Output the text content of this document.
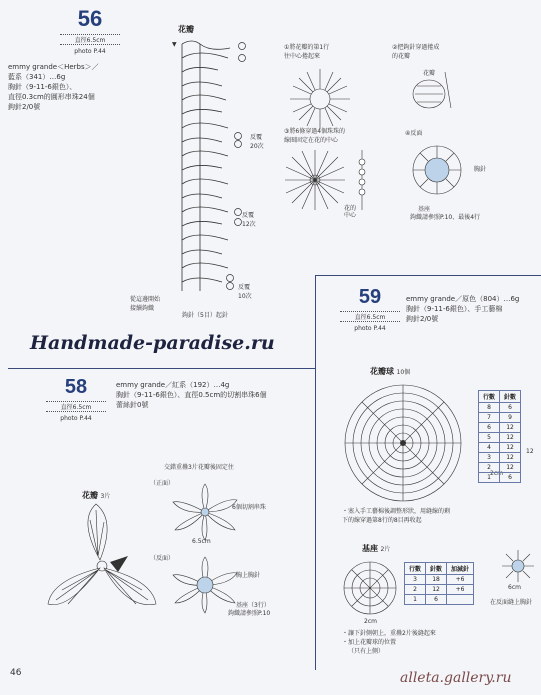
56
直徑6.5cm
photo P.44
emmy grande＜Herbs＞／
藍系（341）…6g
胸針（9-11-6銀色）、
直徑0.3cm的圓形串珠24個
鉤針2/0號
花瓣
▼
反覆
20次
反覆
12次
反覆
10次
從這邊開始
接續鉤織
鉤針（5目）起針
①將花瓣的第1行
往中心捲起來
②把鉤針穿過捲成
的花瓣
花瓣
③將6條穿過4個珠珠的
線圈固定在花的中心
花的中心
④反面
胸針
基座
鉤織請參照P.10、最後4行
Handmade-paradise.ru
59
直徑6.5cm
photo P.44
emmy grande／原色（804）…6g
胸針（9-11-6銀色）、手工藝棉
鉤針2/0號
花瓣球 10個
2cm
行數	針數
8	6
7	9
6	12
5	12
4	12
3	12
2	12
1	6
12
・塞入手工藝棉後調整形狀，用縫線的剩
下的線穿過第8行的8目再收起
基座 2片
2cm
行數	針數	加減針
3	18	+6
2	12	+6
1	6	
6cm
在反面縫上胸針
・讓下針側朝上，重疊2片後縫起來
・加上花瓣球的位置
（只有上側）
58
直徑6.5cm
photo P.44
emmy grande／紅系（192）…4g
胸針（9-11-6銀色）、直徑0.5cm的切割串珠6個
蕾絲針0號
交錯重疊3片花瓣後固定住
（正面）
花瓣 3片
6個切割串珠
6.5cm
（反面）
胸上胸針
基座（3行）
鉤織請參照P.10
46	alleta.gallery.ru
